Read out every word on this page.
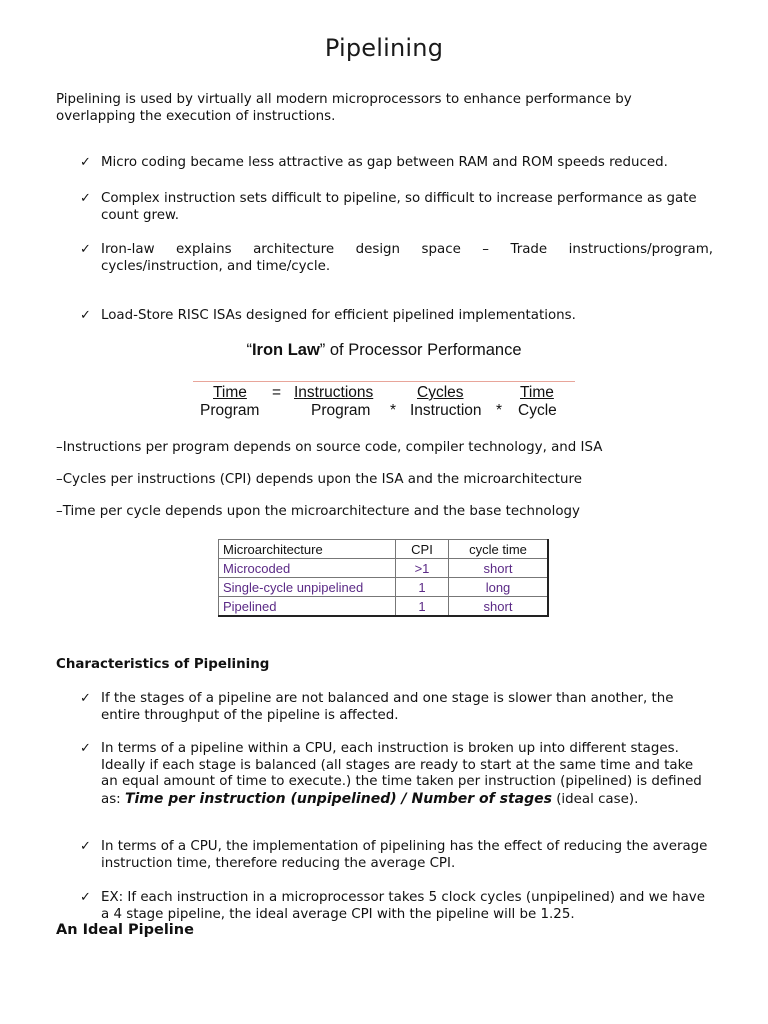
Pipelining
Pipelining is used by virtually all modern microprocessors to enhance performance by overlapping the execution of instructions.
✓ Micro coding became less attractive as gap between RAM and ROM speeds reduced.
✓ Complex instruction sets difficult to pipeline, so difficult to increase performance as gate count grew.
✓ Iron-law explains architecture design space – Trade instructions/program, cycles/instruction, and time/cycle.
✓ Load-Store RISC ISAs designed for efficient pipelined implementations.
“Iron Law” of Processor Performance
Time = Instructions	Cycles	Time
Program	Program * Instruction * Cycle
–Instructions per program depends on source code, compiler technology, and ISA
–Cycles per instructions (CPI) depends upon the ISA and the microarchitecture
–Time per cycle depends upon the microarchitecture and the base technology
Microarchitecture	CPI	cycle time
Microcoded	>1	short
Single-cycle unpipelined	1	long
Pipelined	1	short
Characteristics of Pipelining
✓ If the stages of a pipeline are not balanced and one stage is slower than another, the entire throughput of the pipeline is affected.
✓ In terms of a pipeline within a CPU, each instruction is broken up into different stages. Ideally if each stage is balanced (all stages are ready to start at the same time and take an equal amount of time to execute.) the time taken per instruction (pipelined) is defined as: Time per instruction (unpipelined) / Number of stages (ideal case).
✓ In terms of a CPU, the implementation of pipelining has the effect of reducing the average instruction time, therefore reducing the average CPI.
✓ EX: If each instruction in a microprocessor takes 5 clock cycles (unpipelined) and we have a 4 stage pipeline, the ideal average CPI with the pipeline will be 1.25.
An Ideal Pipeline
